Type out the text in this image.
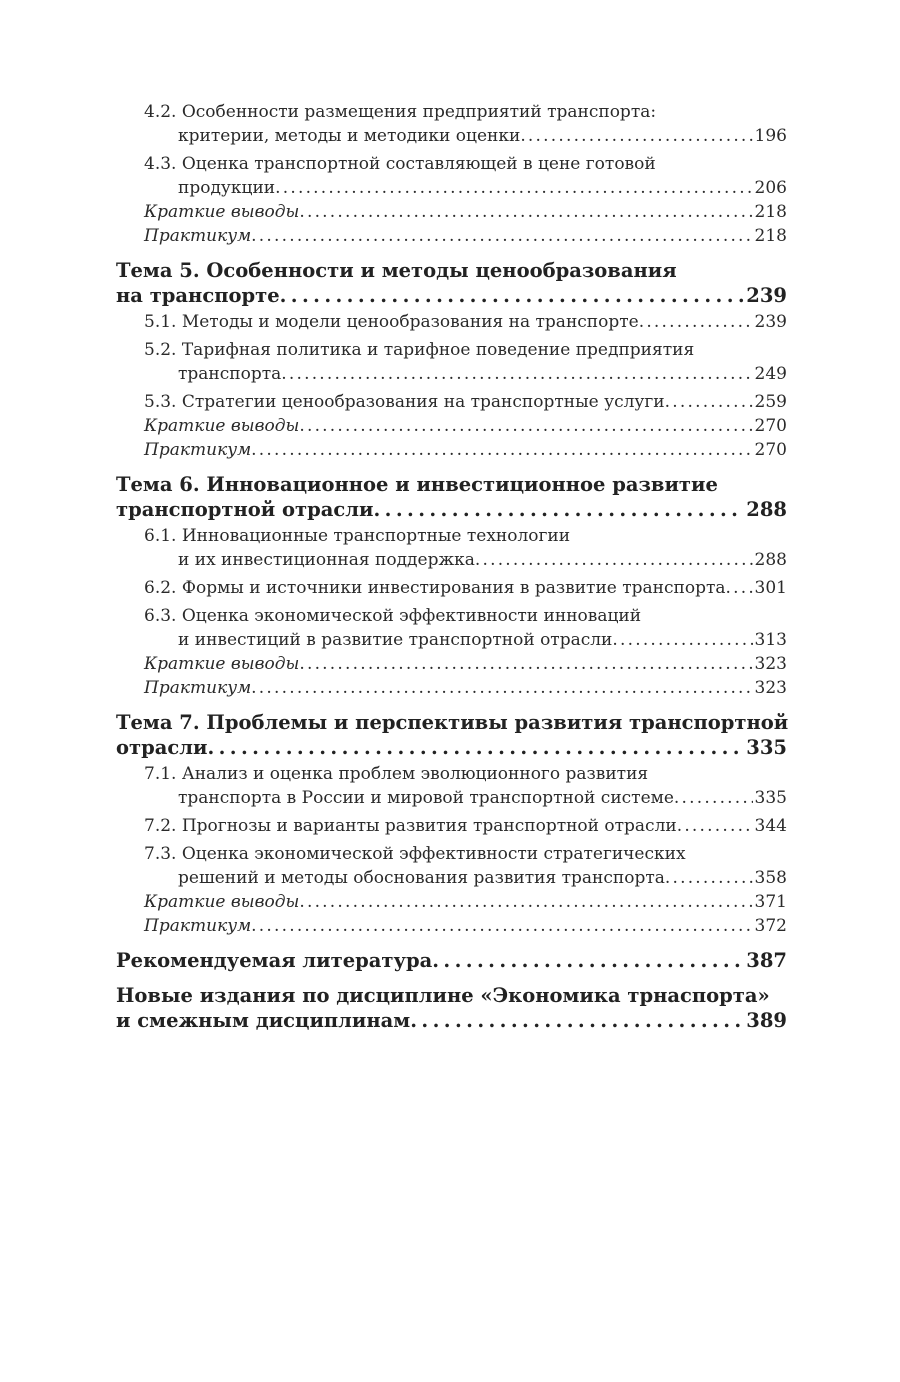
4.2. Особенности размещения предприятий транспорта:
критерии, методы и методики оценки . . .	196
4.3. Оценка транспортной составляющей в цене готовой
продукции . . .	206
Краткие выводы . . .	218
Практикум . . .	218
Тема 5. Особенности и методы ценообразования
на транспорте . . .	239
5.1. Методы и модели ценообразования на транспорте . . .	239
5.2. Тарифная политика и тарифное поведение предприятия
транспорта . . .	249
5.3. Стратегии ценообразования на транспортные услуги . . .	259
Краткие выводы . . .	270
Практикум . . .	270
Тема 6. Инновационное и инвестиционное развитие
транспортной отрасли . . .	288
6.1. Инновационные транспортные технологии
и их инвестиционная поддержка . . .	288
6.2. Формы и источники инвестирования в развитие транспорта . . . 301
6.3. Оценка экономической эффективности инноваций
и инвестиций в развитие транспортной отрасли . . .	313
Краткие выводы . . .	323
Практикум . . .	323
Тема 7. Проблемы и перспективы развития транспортной
отрасли . . .	335
7.1. Анализ и оценка проблем эволюционного развития
транспорта в России и мировой транспортной системе . . .	335
7.2. Прогнозы и варианты развития транспортной отрасли . . .	344
7.3. Оценка экономической эффективности стратегических
решений и методы обоснования развития транспорта . . .	358
Краткие выводы . . .	371
Практикум . . .	372
Рекомендуемая литература . . .	387
Новые издания по дисциплине «Экономика трнаспорта»
и смежным дисциплинам . . .	389
